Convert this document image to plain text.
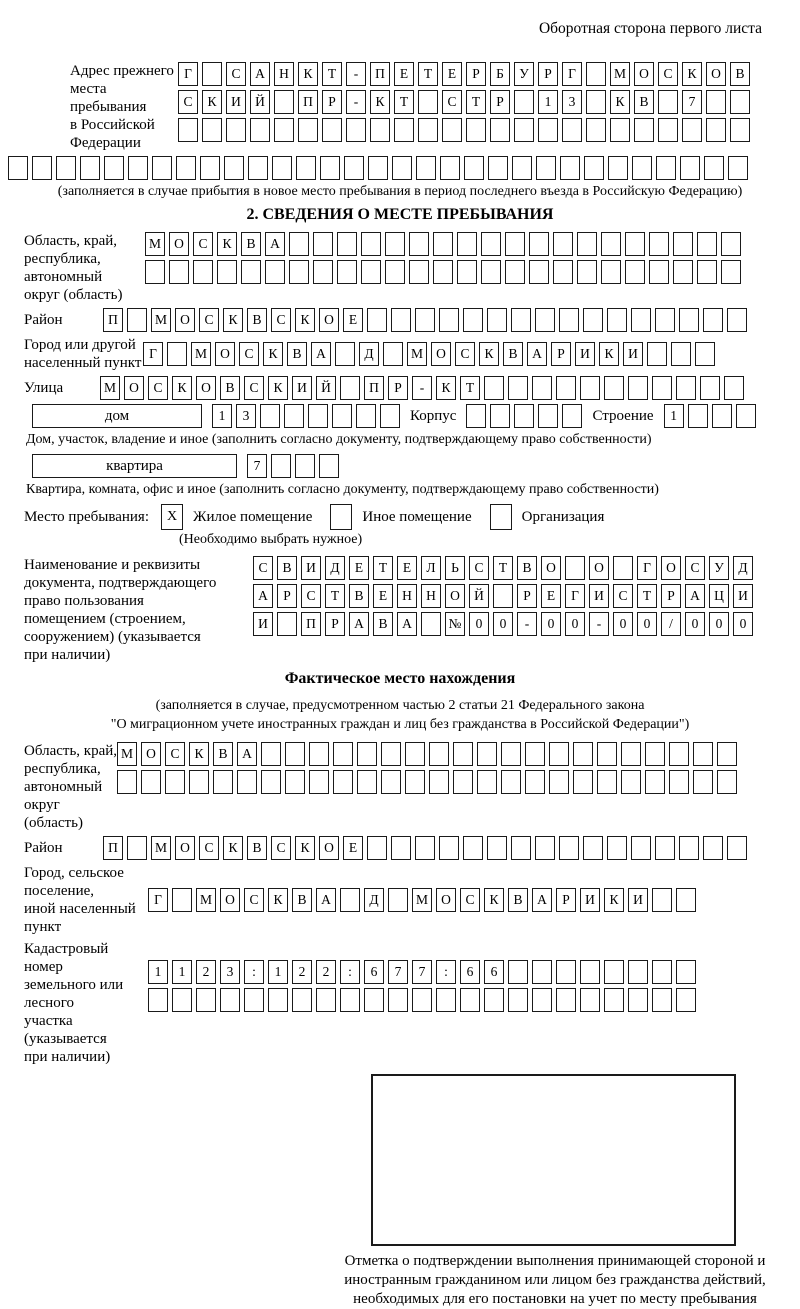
Оборотная сторона первого листа
Адрес прежнего
места пребывания
в Российской
Федерации
Г	С	А	Н	К	Т	-	П	Е	Т	Е	Р	Б	У	Р	Г	М О	С	К	О	В
С	К	И	Й	П	Р	-	К	Т	С	Т	Р	1	3	К	В	7
(заполняется в случае прибытия в новое место пребывания в период последнего въезда в Российскую Федерацию)
2. СВЕДЕНИЯ О МЕСТЕ ПРЕБЫВАНИЯ
Область, край,
республика,
автономный
округ (область)
М О	С	К	В	А
Район	П	М О	С	К	В	С	К	О	Е
Город или другой
населенный пункт
Г	М О	С	К	В	А	Д	М О	С	К	В	А	Р	И	К	И
Улица	М О	С	К	О	В	С	К	И	Й	П	Р	-	К	Т
дом	1	3	Корпус	Строение	1
Дом, участок, владение и иное (заполнить согласно документу, подтверждающему право собственности)
квартира	7
Квартира, комната, офис и иное (заполнить согласно документу, подтверждающему право собственности)
Место пребывания:	X	Жилое помещение	Иное помещение	Организация
(Необходимо выбрать нужное)
Наименование и реквизиты
документа, подтверждающего
право пользования
помещением (строением,
сооружением) (указывается
при наличии)
С	В	И	Д	Е	Т	Е	Л	Ь	С	Т	В	О	О	Г	О	С	У	Д
А	Р	С	Т	В	Е	Н	Н	О	Й	Р	Е	Г	И	С	Т	Р	А	Ц	И
И	П	Р	А	В	А	№	0	0	-	0	0	-	0	0	/	0	0	0
Фактическое место нахождения
(заполняется в случае, предусмотренном частью 2 статьи 21 Федерального закона
"О миграционном учете иностранных граждан и лиц без гражданства в Российской Федерации")
Область, край,
республика,
автономный округ
(область)
М О	С	К	В	А
Район	П	М О	С	К	В	С	К	О	Е
Город, сельское поселение,
иной населенный пункт
Г	М О	С	К	В	А	Д	М О	С	К	В	А	Р	И	К	И
Кадастровый номер
земельного или лесного
участка (указывается
при наличии)
1	1	2	3	:	1	2	2	:	6	7	7	:	6	6
Отметка о подтверждении выполнения принимающей стороной и иностранным гражданином или лицом без гражданства действий, необходимых для его постановки на учет по месту пребывания
